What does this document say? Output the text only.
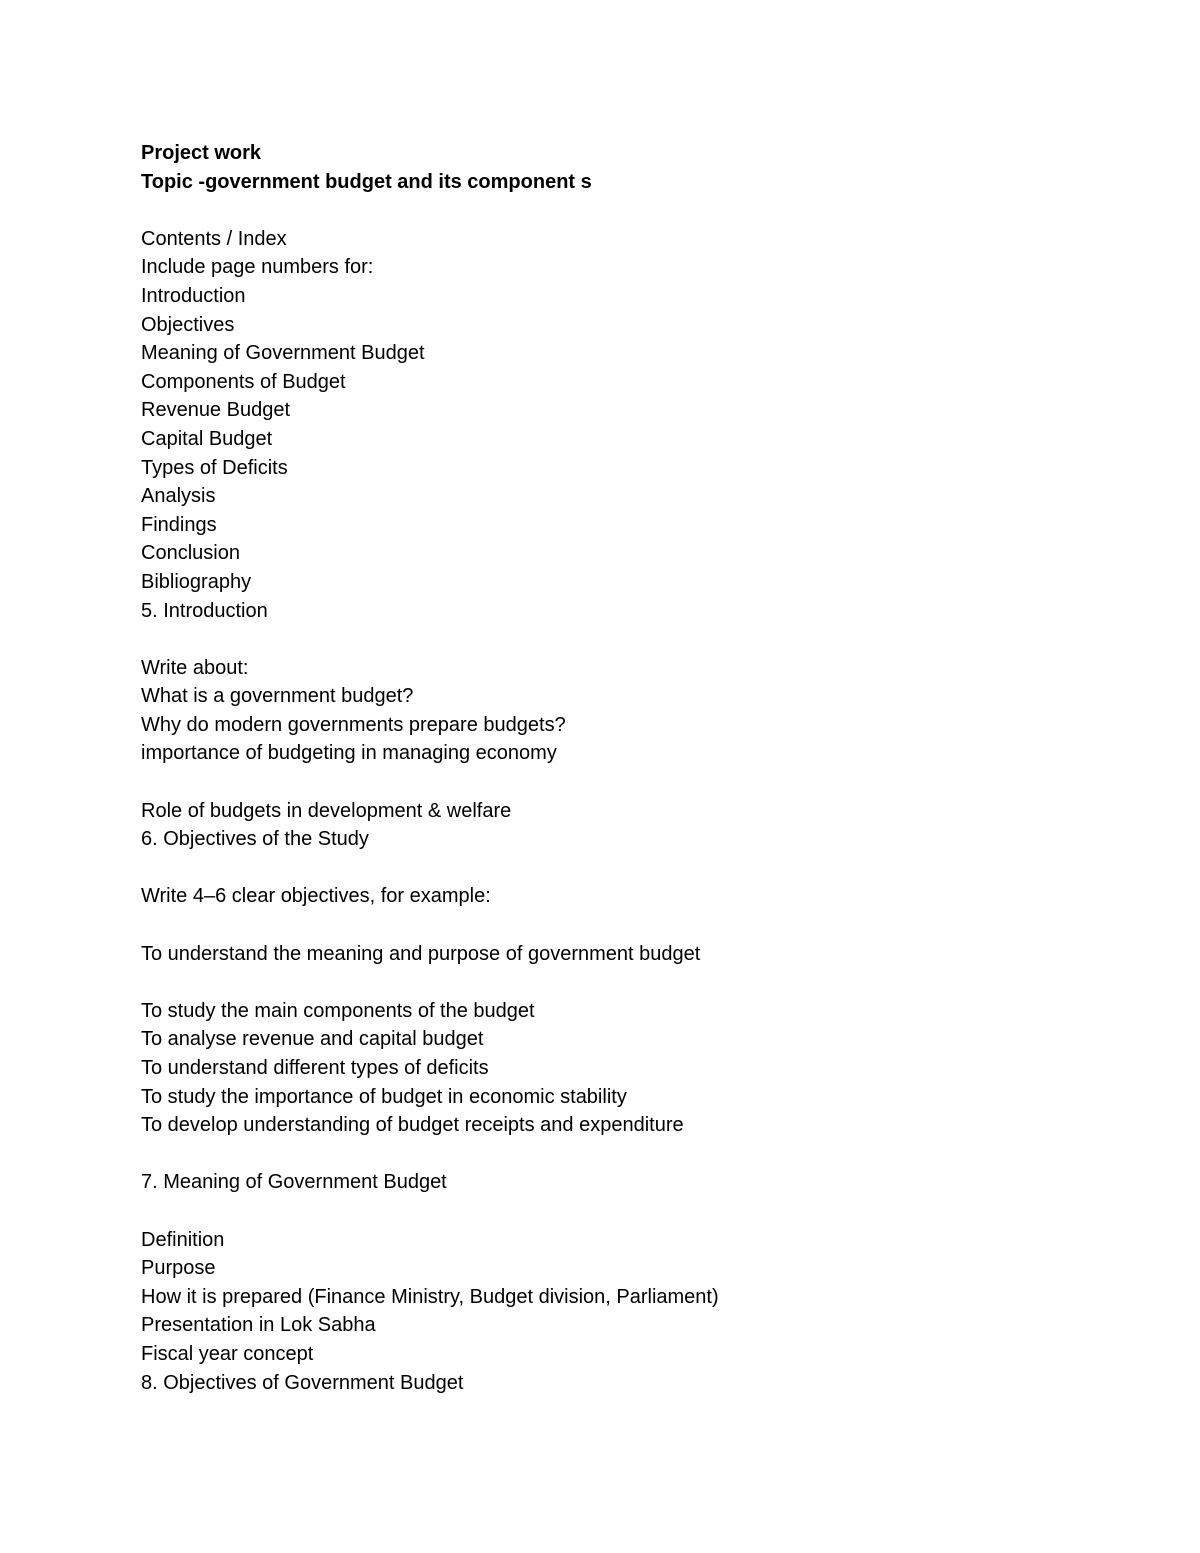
Project work
Topic -government budget and its component s
Contents / Index
Include page numbers for:
Introduction
Objectives
Meaning of Government Budget
Components of Budget
Revenue Budget
Capital Budget
Types of Deficits
Analysis
Findings
Conclusion
Bibliography
5. Introduction
Write about:
What is a government budget?
Why do modern governments prepare budgets?
importance of budgeting in managing economy
Role of budgets in development & welfare
6. Objectives of the Study
Write 4–6 clear objectives, for example:
To understand the meaning and purpose of government budget
To study the main components of the budget
To analyse revenue and capital budget
To understand different types of deficits
To study the importance of budget in economic stability
To develop understanding of budget receipts and expenditure
7. Meaning of Government Budget
Definition
Purpose
How it is prepared (Finance Ministry, Budget division, Parliament)
Presentation in Lok Sabha
Fiscal year concept
8. Objectives of Government Budget
